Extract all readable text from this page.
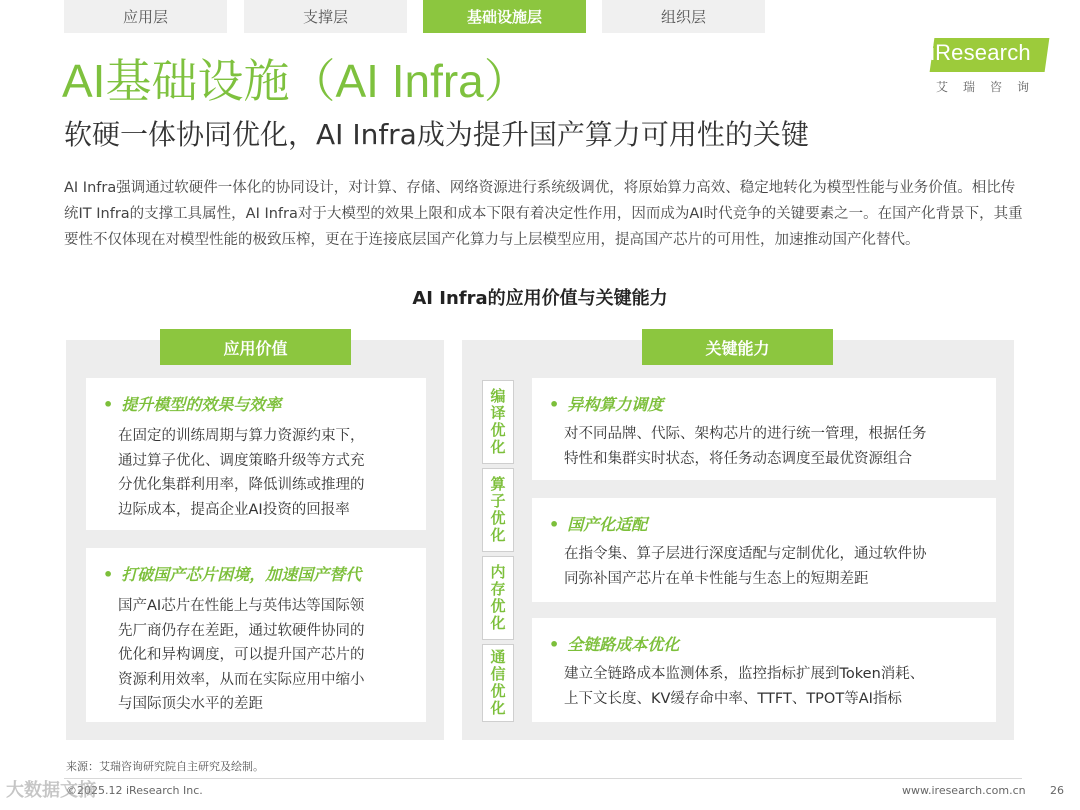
应用层	支撑层	基础设施层	组织层
iResearch
艾瑞咨询
AI基础设施（AI Infra）
软硬一体协同优化，AI Infra成为提升国产算力可用性的关键
AI Infra强调通过软硬件一体化的协同设计，对计算、存储、网络资源进行系统级调优，将原始算力高效、稳定地转化为模型性能与业务价值。相比传统IT Infra的支撑工具属性，AI Infra对于大模型的效果上限和成本下限有着决定性作用，因而成为AI时代竞争的关键要素之一。在国产化背景下，其重要性不仅体现在对模型性能的极致压榨，更在于连接底层国产化算力与上层模型应用，提高国产芯片的可用性，加速推动国产化替代。
AI Infra的应用价值与关键能力
应用价值
• 提升模型的效果与效率
在固定的训练周期与算力资源约束下，
通过算子优化、调度策略升级等方式充
分优化集群利用率，降低训练或推理的
边际成本，提高企业AI投资的回报率
• 打破国产芯片困境，加速国产替代
国产AI芯片在性能上与英伟达等国际领
先厂商仍存在差距，通过软硬件协同的
优化和异构调度，可以提升国产芯片的
资源利用效率，从而在实际应用中缩小
与国际顶尖水平的差距
关键能力
编
译
优
化
算
子
优
化
内
存
优
化
通
信
优
化
• 异构算力调度
对不同品牌、代际、架构芯片的进行统一管理，根据任务
特性和集群实时状态，将任务动态调度至最优资源组合
• 国产化适配
在指令集、算子层进行深度适配与定制优化，通过软件协
同弥补国产芯片在单卡性能与生态上的短期差距
• 全链路成本优化
建立全链路成本监测体系，监控指标扩展到Token消耗、
上下文长度、KV缓存命中率、TTFT、TPOT等AI指标
来源：艾瑞咨询研究院自主研究及绘制。
©2025.12 iResearch Inc.	www.iresearch.com.cn 26
大数据文摘
